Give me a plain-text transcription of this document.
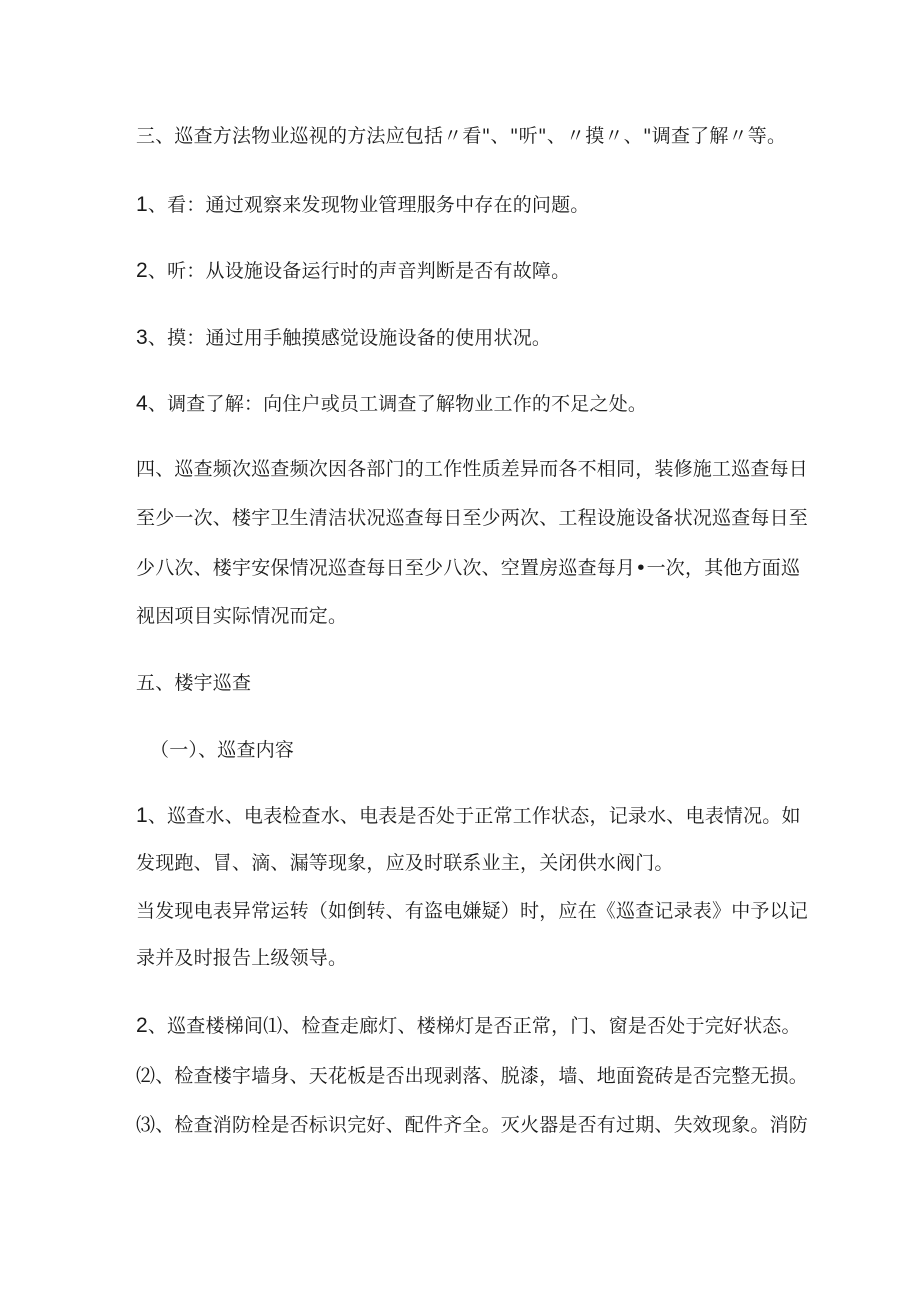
三、巡查方法物业巡视的方法应包括〃看"、"听"、〃摸〃、"调查了解〃等。
1、看：通过观察来发现物业管理服务中存在的问题。
2、听：从设施设备运行时的声音判断是否有故障。
3、摸：通过用手触摸感觉设施设备的使用状况。
4、调查了解：向住户或员工调查了解物业工作的不足之处。
四、巡查频次巡查频次因各部门的工作性质差异而各不相同，装修施工巡查每日
至少一次、楼宇卫生清洁状况巡查每日至少两次、工程设施设备状况巡查每日至
少八次、楼宇安保情况巡查每日至少八次、空置房巡查每月•一次，其他方面巡
视因项目实际情况而定。
五、楼宇巡查
（一）、巡查内容
1、巡查水、电表检查水、电表是否处于正常工作状态，记录水、电表情况。如
发现跑、冒、滴、漏等现象，应及时联系业主，关闭供水阀门。
当发现电表异常运转（如倒转、有盗电嫌疑）时，应在《巡查记录表》中予以记
录并及时报告上级领导。
2、巡查楼梯间⑴、检查走廊灯、楼梯灯是否正常，门、窗是否处于完好状态。
⑵、检查楼宇墙身、天花板是否出现剥落、脱漆，墙、地面瓷砖是否完整无损。
⑶、检查消防栓是否标识完好、配件齐全。灭火器是否有过期、失效现象。消防
